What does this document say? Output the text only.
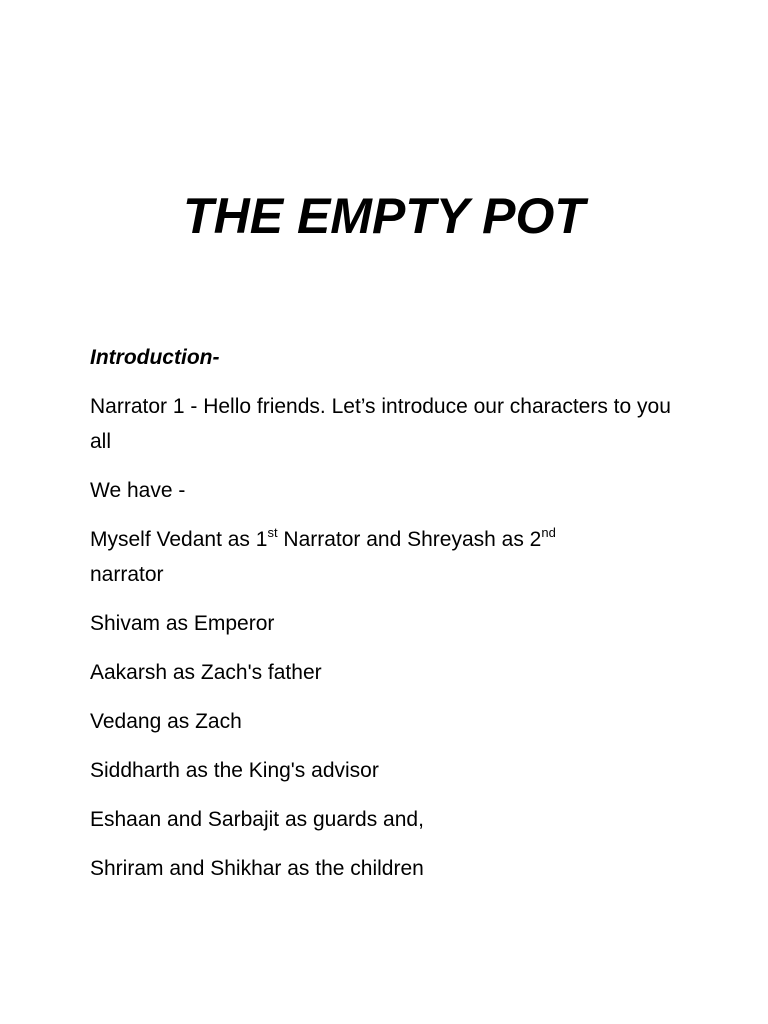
THE EMPTY POT

Introduction-

Narrator 1 - Hello friends. Let’s introduce our characters to you all

We have -

Myself Vedant as 1st Narrator and Shreyash as 2nd
narrator

Shivam as Emperor

Aakarsh as Zach's father

Vedang as Zach

Siddharth as the King's advisor

Eshaan and Sarbajit as guards and,

Shriram and Shikhar as the children
